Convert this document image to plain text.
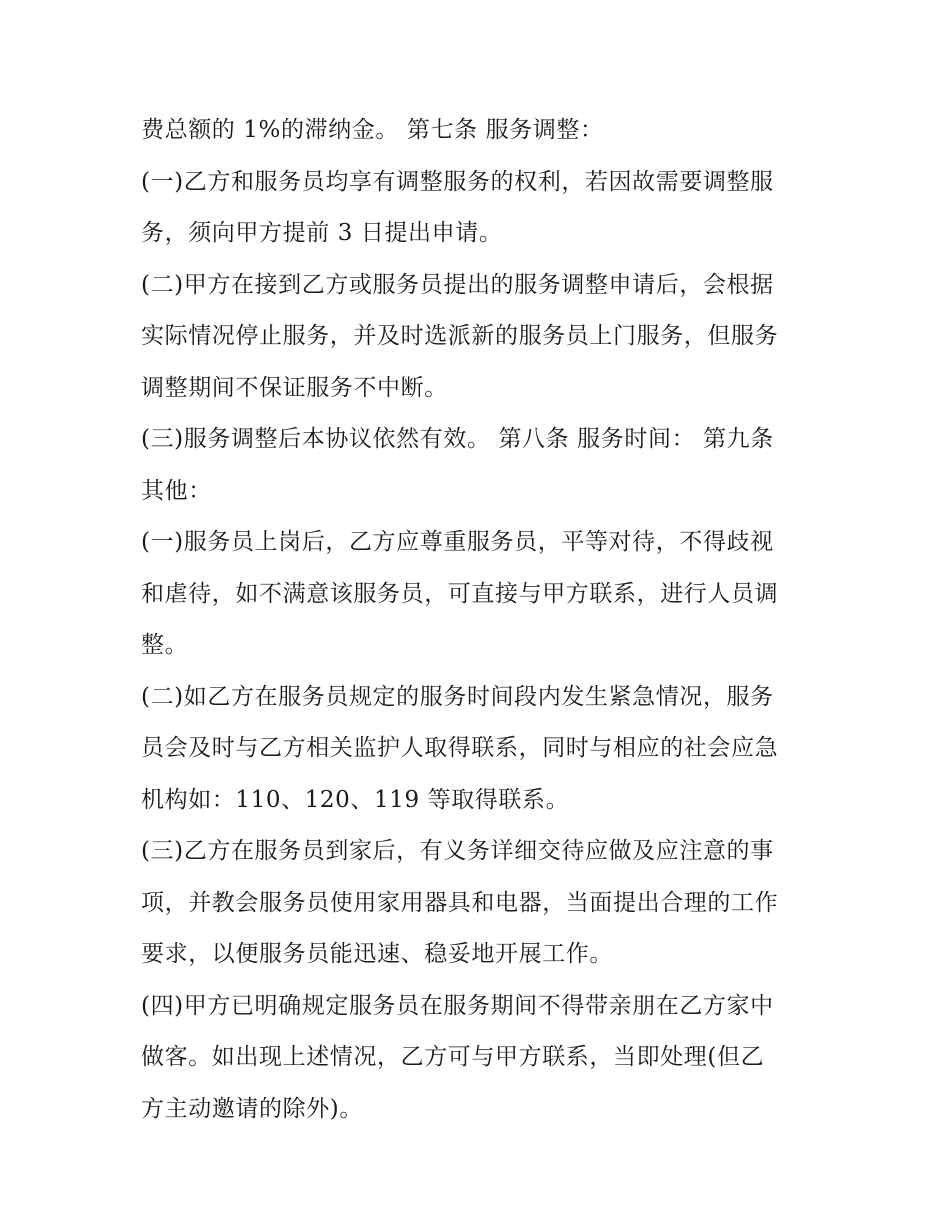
费总额的 1%的滞纳金。 第七条 服务调整：
(一)乙方和服务员均享有调整服务的权利，若因故需要调整服
务，须向甲方提前 3 日提出申请。
(二)甲方在接到乙方或服务员提出的服务调整申请后，会根据
实际情况停止服务，并及时选派新的服务员上门服务，但服务
调整期间不保证服务不中断。
(三)服务调整后本协议依然有效。 第八条 服务时间： 第九条
其他：
(一)服务员上岗后，乙方应尊重服务员，平等对待，不得歧视
和虐待，如不满意该服务员，可直接与甲方联系，进行人员调
整。
(二)如乙方在服务员规定的服务时间段内发生紧急情况，服务
员会及时与乙方相关监护人取得联系，同时与相应的社会应急
机构如：110、120、119 等取得联系。
(三)乙方在服务员到家后，有义务详细交待应做及应注意的事
项，并教会服务员使用家用器具和电器，当面提出合理的工作
要求，以便服务员能迅速、稳妥地开展工作。
(四)甲方已明确规定服务员在服务期间不得带亲朋在乙方家中
做客。如出现上述情况，乙方可与甲方联系，当即处理(但乙
方主动邀请的除外)。
